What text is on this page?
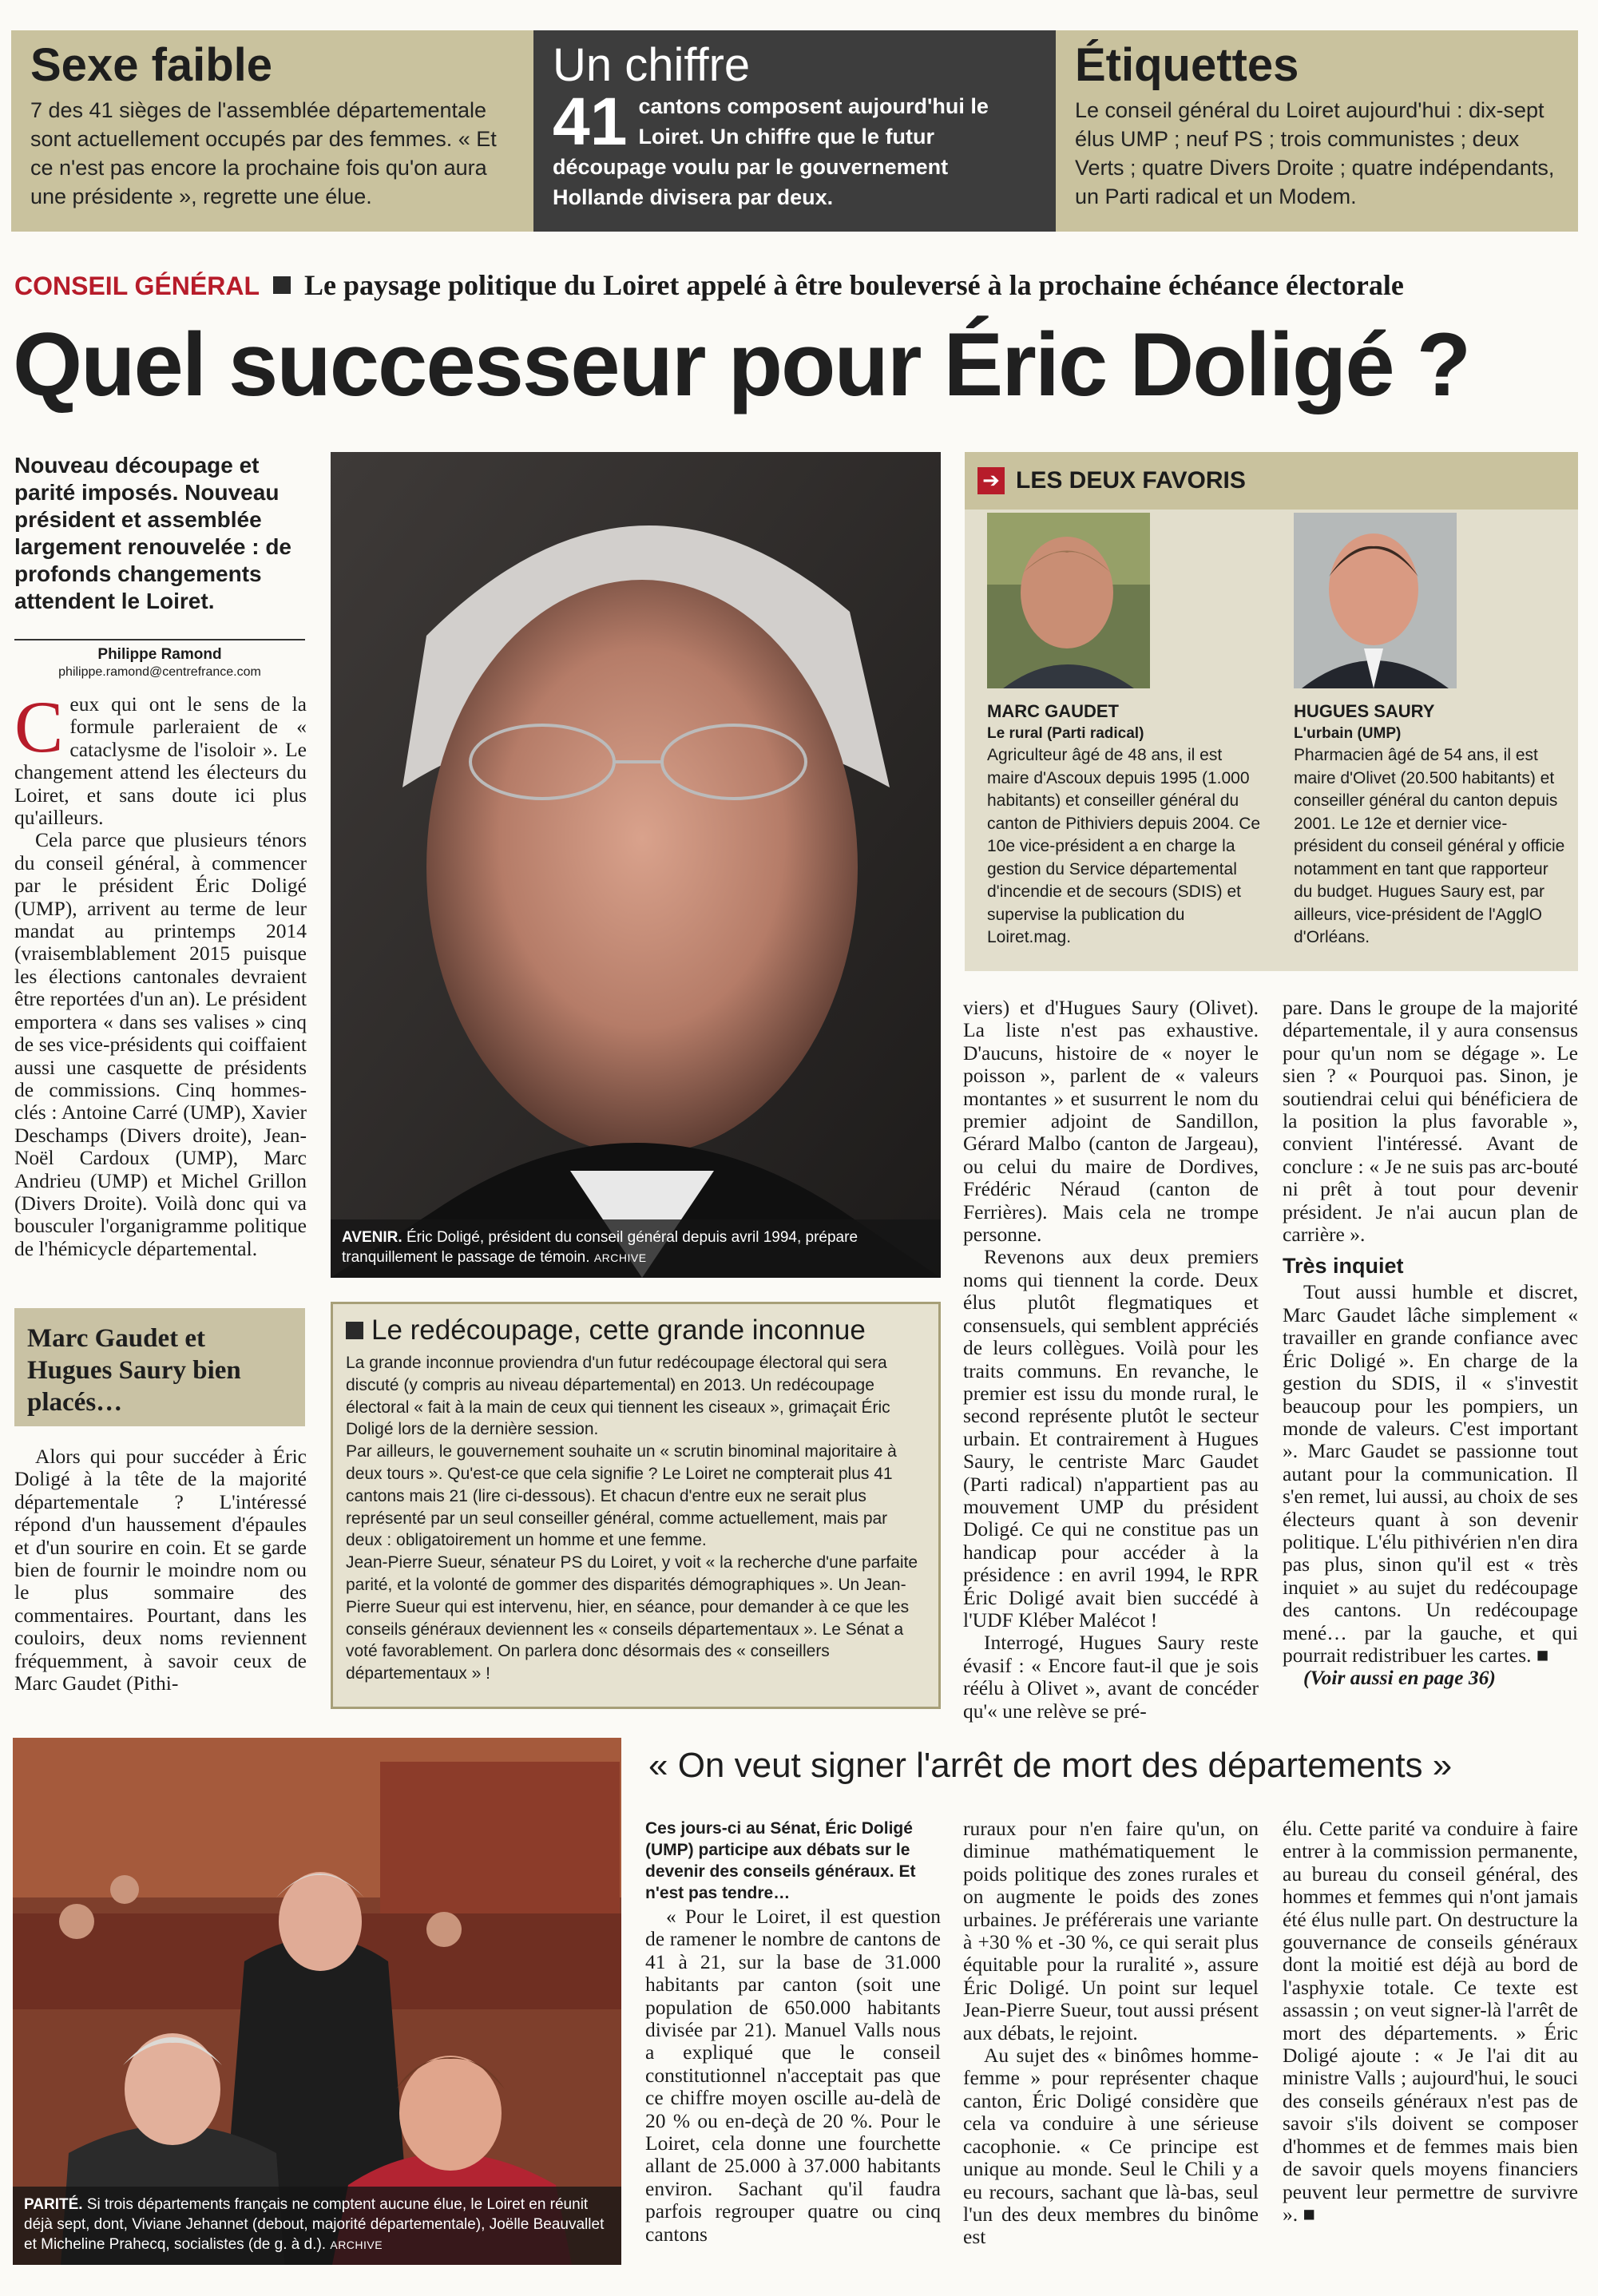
Sexe faible
7 des 41 sièges de l'assemblée départementale sont actuellement occupés par des femmes. « Et ce n'est pas encore la prochaine fois qu'on aura une présidente », regrette une élue.
Un chiffre
41 cantons composent aujourd'hui le Loiret. Un chiffre que le futur découpage voulu par le gouvernement Hollande divisera par deux.
Étiquettes
Le conseil général du Loiret aujourd'hui : dix-sept élus UMP ; neuf PS ; trois communistes ; deux Verts ; quatre Divers Droite ; quatre indépendants, un Parti radical et un Modem.
CONSEIL GÉNÉRAL Le paysage politique du Loiret appelé à être bouleversé à la prochaine échéance électorale
Quel successeur pour Éric Doligé ?
Nouveau découpage et parité imposés. Nouveau président et assemblée largement renouvelée : de profonds changements attendent le Loiret.
Philippe Ramond
philippe.ramond@centrefrance.com
C eux qui ont le sens de la formule parleraient de « cataclysme de l'isoloir ». Le changement attend les électeurs du Loiret, et sans doute ici plus qu'ailleurs.

Cela parce que plusieurs ténors du conseil général, à commencer par le président Éric Doligé (UMP), arrivent au terme de leur mandat au printemps 2014 (vraisemblablement 2015 puisque les élections cantonales devraient être reportées d'un an). Le président emportera « dans ses valises » cinq de ses vice-présidents qui coiffaient aussi une casquette de présidents de commissions. Cinq hommes-clés : Antoine Carré (UMP), Xavier Deschamps (Divers droite), Jean-Noël Cardoux (UMP), Marc Andrieu (UMP) et Michel Grillon (Divers Droite). Voilà donc qui va bousculer l'organigramme politique de l'hémicycle départemental.

Marc Gaudet et Hugues Saury bien placés…

Alors qui pour succéder à Éric Doligé à la tête de la majorité départementale ? L'intéressé répond d'un haussement d'épaules et d'un sourire en coin. Et se garde bien de fournir le moindre nom ou le plus sommaire des commentaires. Pourtant, dans les couloirs, deux noms reviennent fréquemment, à savoir ceux de Marc Gaudet (Pithi-

AVENIR. Éric Doligé, président du conseil général depuis avril 1994, prépare tranquillement le passage de témoin. ARCHIVE
➔ LES DEUX FAVORIS
MARC GAUDET
Le rural (Parti radical)
Agriculteur âgé de 48 ans, il est maire d'Ascoux depuis 1995 (1.000 habitants) et conseiller général du canton de Pithiviers depuis 2004. Ce 10e vice-président a en charge la gestion du Service départemental d'incendie et de secours (SDIS) et supervise la publication du Loiret.mag.
HUGUES SAURY
L'urbain (UMP)
Pharmacien âgé de 54 ans, il est maire d'Olivet (20.500 habitants) et conseiller général du canton depuis 2001. Le 12e et dernier vice-président du conseil général y officie notamment en tant que rapporteur du budget. Hugues Saury est, par ailleurs, vice-président de l'AgglO d'Orléans.

viers) et d'Hugues Saury (Olivet). La liste n'est pas exhaustive. D'aucuns, histoire de « noyer le poisson », parlent de « valeurs montantes » et susurrent le nom du premier adjoint de Sandillon, Gérard Malbo (canton de Jargeau), ou celui du maire de Dordives, Frédéric Néraud (canton de Ferrières). Mais cela ne trompe personne.

Revenons aux deux premiers noms qui tiennent la corde. Deux élus plutôt flegmatiques et consensuels, qui semblent appréciés de leurs collègues. Voilà pour les traits communs. En revanche, le premier est issu du monde rural, le second représente plutôt le secteur urbain. Et contrairement à Hugues Saury, le centriste Marc Gaudet (Parti radical) n'appartient pas au mouvement UMP du président Doligé. Ce qui ne constitue pas un handicap pour accéder à la présidence : en avril 1994, le RPR Éric Doligé avait bien succédé à l'UDF Kléber Malécot !

Interrogé, Hugues Saury reste évasif : « Encore faut-il que je sois réélu à Olivet », avant de concéder qu'« une relève se pré-

pare. Dans le groupe de la majorité départementale, il y aura consensus pour qu'un nom se dégage ». Le sien ? « Pourquoi pas. Sinon, je soutiendrai celui qui bénéficiera de la position la plus favorable », convient l'intéressé. Avant de conclure : « Je ne suis pas arc-bouté ni prêt à tout pour devenir président. Je n'ai aucun plan de carrière ».

Très inquiet

Tout aussi humble et discret, Marc Gaudet lâche simplement « travailler en grande confiance avec Éric Doligé ». En charge de la gestion du SDIS, il « s'investit beaucoup pour les pompiers, un monde de valeurs. C'est important ». Marc Gaudet se passionne tout autant pour la communication. Il s'en remet, lui aussi, au choix de ses électeurs quant à son devenir politique. L'élu pithivérien n'en dira pas plus, sinon qu'il est « très inquiet » au sujet du redécoupage des cantons. Un redécoupage mené… par la gauche, et qui pourrait redistribuer les cartes. ■

(Voir aussi en page 36)
Le redécoupage, cette grande inconnue
La grande inconnue proviendra d'un futur redécoupage électoral qui sera discuté (y compris au niveau départemental) en 2013. Un redécoupage électoral « fait à la main de ceux qui tiennent les ciseaux », grimaçait Éric Doligé lors de la dernière session.
Par ailleurs, le gouvernement souhaite un « scrutin binominal majoritaire à deux tours ». Qu'est-ce que cela signifie ? Le Loiret ne compterait plus 41 cantons mais 21 (lire ci-dessous). Et chacun d'entre eux ne serait plus représenté par un seul conseiller général, comme actuellement, mais par deux : obligatoirement un homme et une femme.
Jean-Pierre Sueur, sénateur PS du Loiret, y voit « la recherche d'une parfaite parité, et la volonté de gommer des disparités démographiques ». Un Jean-Pierre Sueur qui est intervenu, hier, en séance, pour demander à ce que les conseils généraux deviennent les « conseils départementaux ». Le Sénat a voté favorablement. On parlera donc désormais des « conseillers départementaux » !
PARITÉ. Si trois départements français ne comptent aucune élue, le Loiret en réunit déjà sept, dont, Viviane Jehannet (debout, majorité départementale), Joëlle Beauvallet et Micheline Prahecq, socialistes (de g. à d.). ARCHIVE
« On veut signer l'arrêt de mort des départements »
Ces jours-ci au Sénat, Éric Doligé (UMP) participe aux débats sur le devenir des conseils généraux. Et n'est pas tendre…

« Pour le Loiret, il est question de ramener le nombre de cantons de 41 à 21, sur la base de 31.000 habitants par canton (soit une population de 650.000 habitants divisée par 21). Manuel Valls nous a expliqué que le conseil constitutionnel n'acceptait pas que ce chiffre moyen oscille au-delà de 20 % ou en-deçà de 20 %. Pour le Loiret, cela donne une fourchette allant de 25.000 à 37.000 habitants environ. Sachant qu'il faudra parfois regrouper quatre ou cinq cantons

ruraux pour n'en faire qu'un, on diminue mathématiquement le poids politique des zones rurales et on augmente le poids des zones urbaines. Je préférerais une variante à +30 % et -30 %, ce qui serait plus équitable pour la ruralité », assure Éric Doligé. Un point sur lequel Jean-Pierre Sueur, tout aussi présent aux débats, le rejoint.

Au sujet des « binômes homme-femme » pour représenter chaque canton, Éric Doligé considère que cela va conduire à une sérieuse cacophonie. « Ce principe est unique au monde. Seul le Chili y a eu recours, sachant que là-bas, seul l'un des deux membres du binôme est

élu. Cette parité va conduire à faire entrer à la commission permanente, au bureau du conseil général, des hommes et femmes qui n'ont jamais été élus nulle part. On destructure la gouvernance de conseils généraux dont la moitié est déjà au bord de l'asphyxie totale. Ce texte est assassin ; on veut signer-là l'arrêt de mort des départements. » Éric Doligé ajoute : « Je l'ai dit au ministre Valls ; aujourd'hui, le souci des conseils généraux n'est pas de savoir s'ils doivent se composer d'hommes et de femmes mais bien de savoir quels moyens financiers peuvent leur permettre de survivre ». ■
